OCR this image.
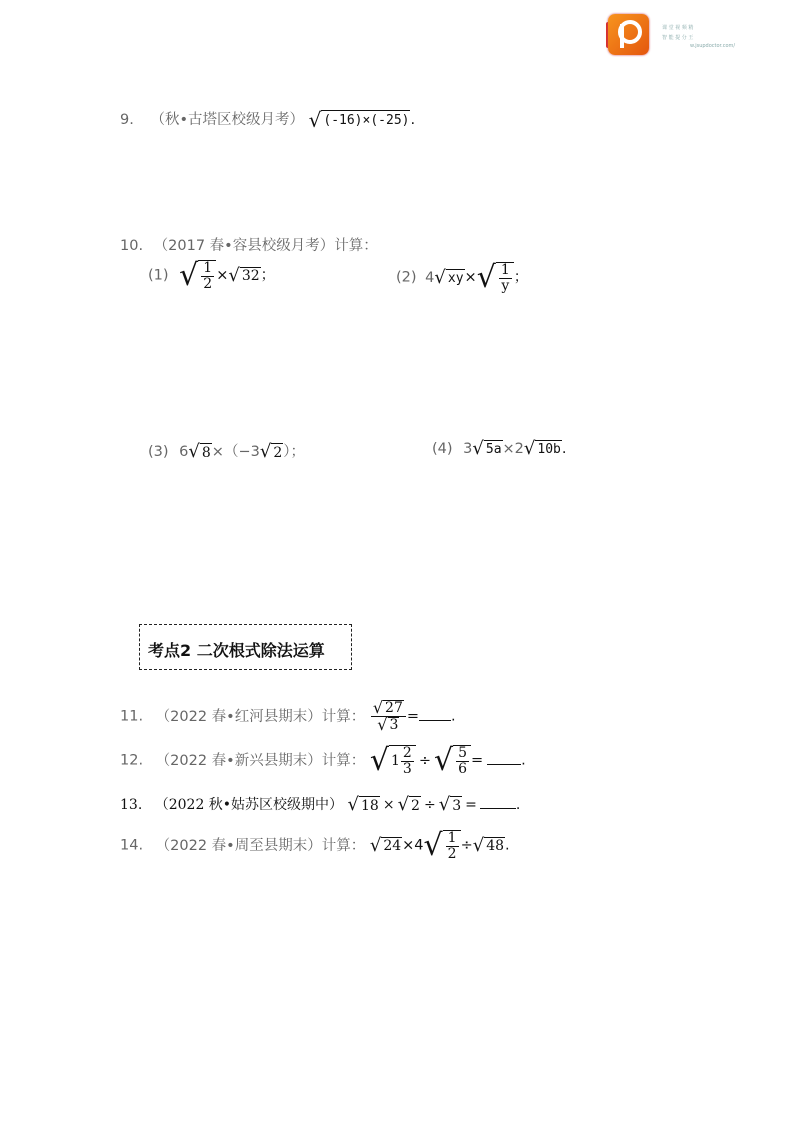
课 堂 视 频 精
智 能 提 分 王
w.jsupdoctor.com/
9. （秋•古塔区校级月考） √ (-16)×(-25) .
10. （2017 春•容县校级月考）计算：
(1) √ $\frac{1}{2}$ × √ 32 ；	(2) 4 √ xy × √ $\frac{1}{y}$ ；
(3) 6 √ 8 ×（−3 √ 2 ）；	(4) 3 √ 5a ×2 √ 10b .
考点2 二次根式除法运算
11. （2022 春•红河县期末）计算： $\frac{√ 27}{√ 3}$ = .
12. （2022 春•新兴县期末）计算： √ $1 \frac{2}{3}$ ÷ √ $\frac{5}{6}$ =	.
13. （2022 秋•姑苏区校级期中） √ 18 × √ 2 ÷ √ 3 =	.
14. （2022 春•周至县期末）计算： √ 24 ×4 √ $\frac{1}{2}$ ÷ √ 48 .
